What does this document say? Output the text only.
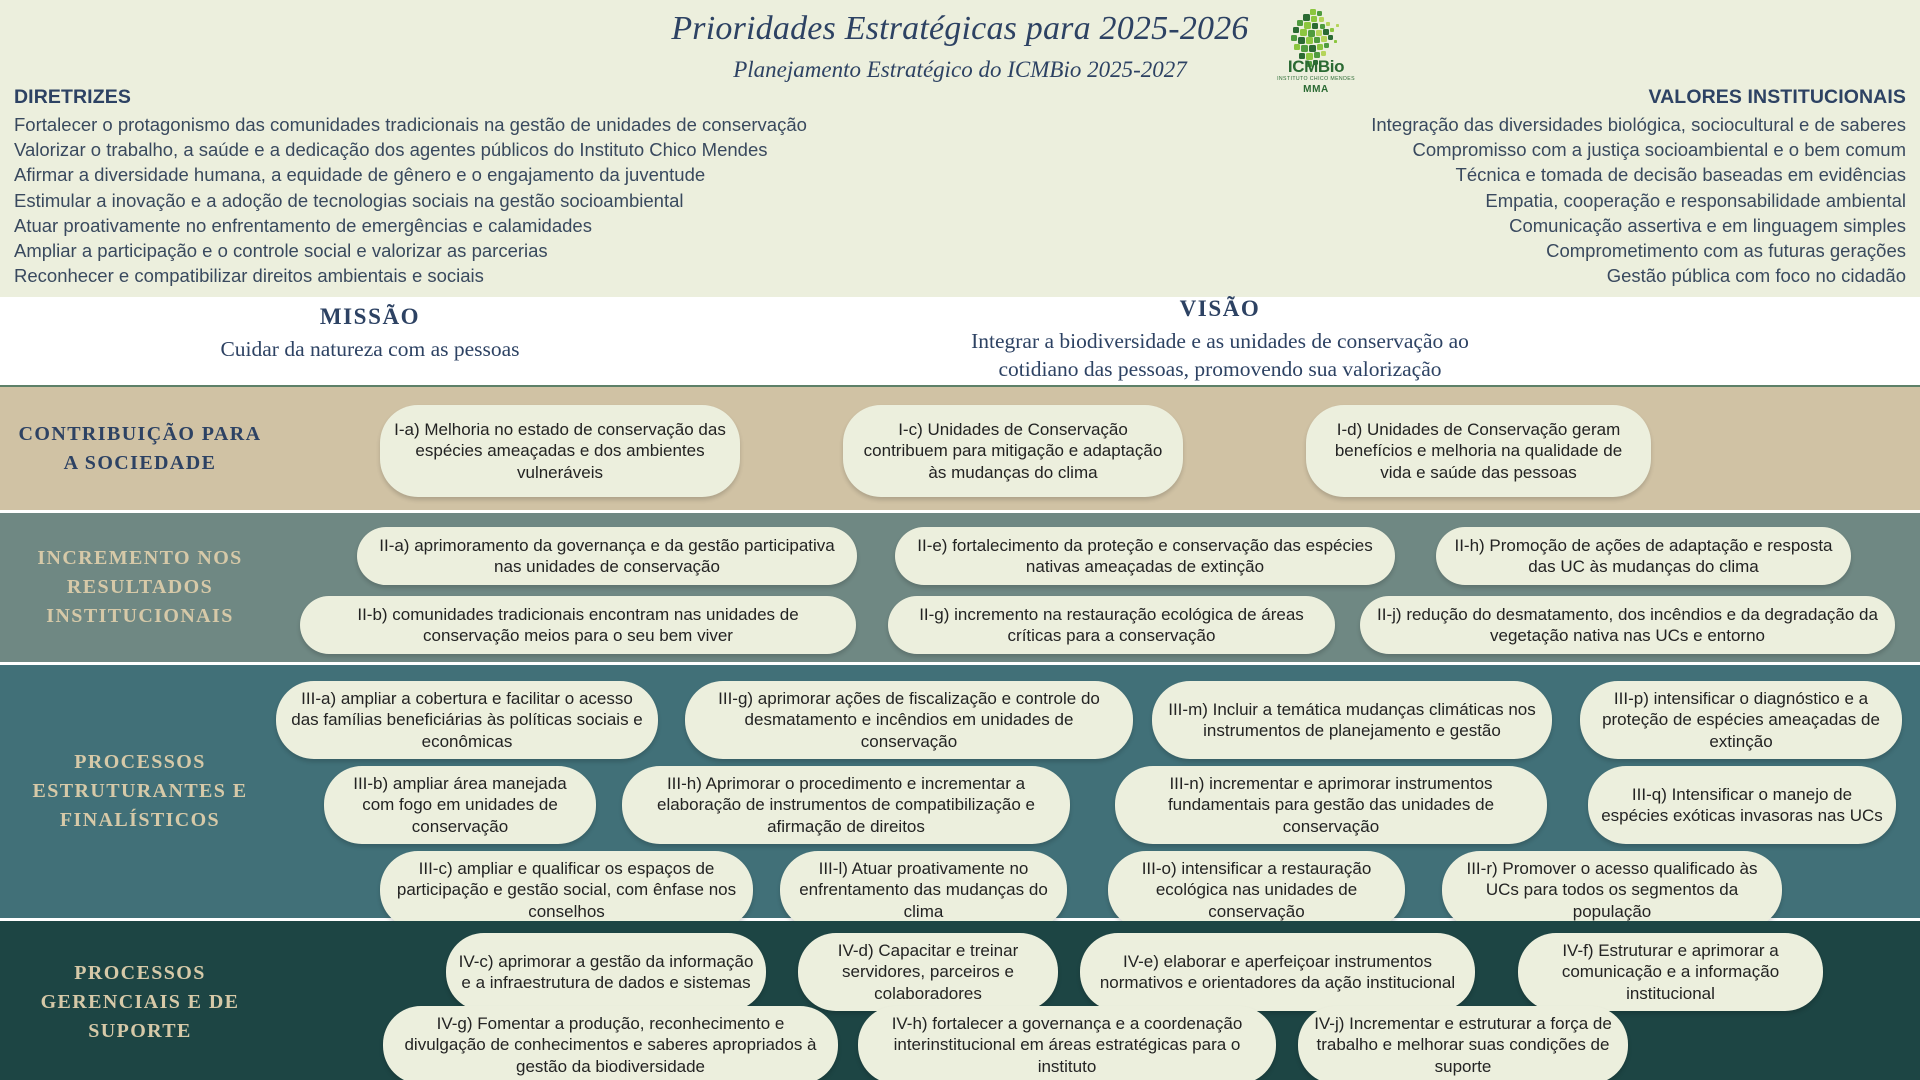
Prioridades Estratégicas para 2025-2026
Planejamento Estratégico do ICMBio 2025-2027	ICMBio
INSTITUTO CHICO MENDES
MMA
DIRETRIZES
Fortalecer o protagonismo das comunidades tradicionais na gestão de unidades de conservação
Valorizar o trabalho, a saúde e a dedicação dos agentes públicos do Instituto Chico Mendes
Afirmar a diversidade humana, a equidade de gênero e o engajamento da juventude
Estimular a inovação e a adoção de tecnologias sociais na gestão socioambiental
Atuar proativamente no enfrentamento de emergências e calamidades
Ampliar a participação e o controle social e valorizar as parcerias
Reconhecer e compatibilizar direitos ambientais e sociais
VALORES INSTITUCIONAIS
Integração das diversidades biológica, sociocultural e de saberes
Compromisso com a justiça socioambiental e o bem comum
Técnica e tomada de decisão baseadas em evidências
Empatia, cooperação e responsabilidade ambiental
Comunicação assertiva e em linguagem simples
Comprometimento com as futuras gerações
Gestão pública com foco no cidadão
MISSÃO
Cuidar da natureza com as pessoas
VISÃO
Integrar a biodiversidade e as unidades de conservação ao
cotidiano das pessoas, promovendo sua valorização
CONTRIBUIÇÃO PARA
A SOCIEDADE
I-a) Melhoria no estado de conservação das espécies ameaçadas e dos ambientes vulneráveis
I-c) Unidades de Conservação contribuem para mitigação e adaptação às mudanças do clima
I-d) Unidades de Conservação geram benefícios e melhoria na qualidade de vida e saúde das pessoas
INCREMENTO NOS
RESULTADOS
INSTITUCIONAIS
II-a) aprimoramento da governança e da gestão participativa nas unidades de conservação
II-e) fortalecimento da proteção e conservação das espécies nativas ameaçadas de extinção
II-h) Promoção de ações de adaptação e resposta das UC às mudanças do clima
II-b) comunidades tradicionais encontram nas unidades de conservação meios para o seu bem viver
II-g) incremento na restauração ecológica de áreas críticas para a conservação
II-j) redução do desmatamento, dos incêndios e da degradação da vegetação nativa nas UCs e entorno
PROCESSOS
ESTRUTURANTES E
FINALÍSTICOS
III-a) ampliar a cobertura e facilitar o acesso das famílias beneficiárias às políticas sociais e econômicas
III-g) aprimorar ações de fiscalização e controle do desmatamento e incêndios em unidades de conservação
III-m) Incluir a temática mudanças climáticas nos instrumentos de planejamento e gestão
III-p) intensificar o diagnóstico e a proteção de espécies ameaçadas de extinção
III-b) ampliar área manejada com fogo em unidades de conservação
III-h) Aprimorar o procedimento e incrementar a elaboração de instrumentos de compatibilização e afirmação de direitos
III-n) incrementar e aprimorar instrumentos fundamentais para gestão das unidades de conservação
III-q) Intensificar o manejo de espécies exóticas invasoras nas UCs
III-c) ampliar e qualificar os espaços de participação e gestão social, com ênfase nos conselhos
III-l) Atuar proativamente no enfrentamento das mudanças do clima
III-o) intensificar a restauração ecológica nas unidades de conservação
III-r) Promover o acesso qualificado às UCs para todos os segmentos da população
PROCESSOS
GERENCIAIS E DE
SUPORTE
IV-c) aprimorar a gestão da informação e a infraestrutura de dados e sistemas
IV-d) Capacitar e treinar servidores, parceiros e colaboradores
IV-e) elaborar e aperfeiçoar instrumentos normativos e orientadores da ação institucional
IV-f) Estruturar e aprimorar a comunicação e a informação institucional
IV-g) Fomentar a produção, reconhecimento e divulgação de conhecimentos e saberes apropriados à gestão da biodiversidade
IV-h) fortalecer a governança e a coordenação interinstitucional em áreas estratégicas para o instituto
IV-j) Incrementar e estruturar a força de trabalho e melhorar suas condições de suporte
